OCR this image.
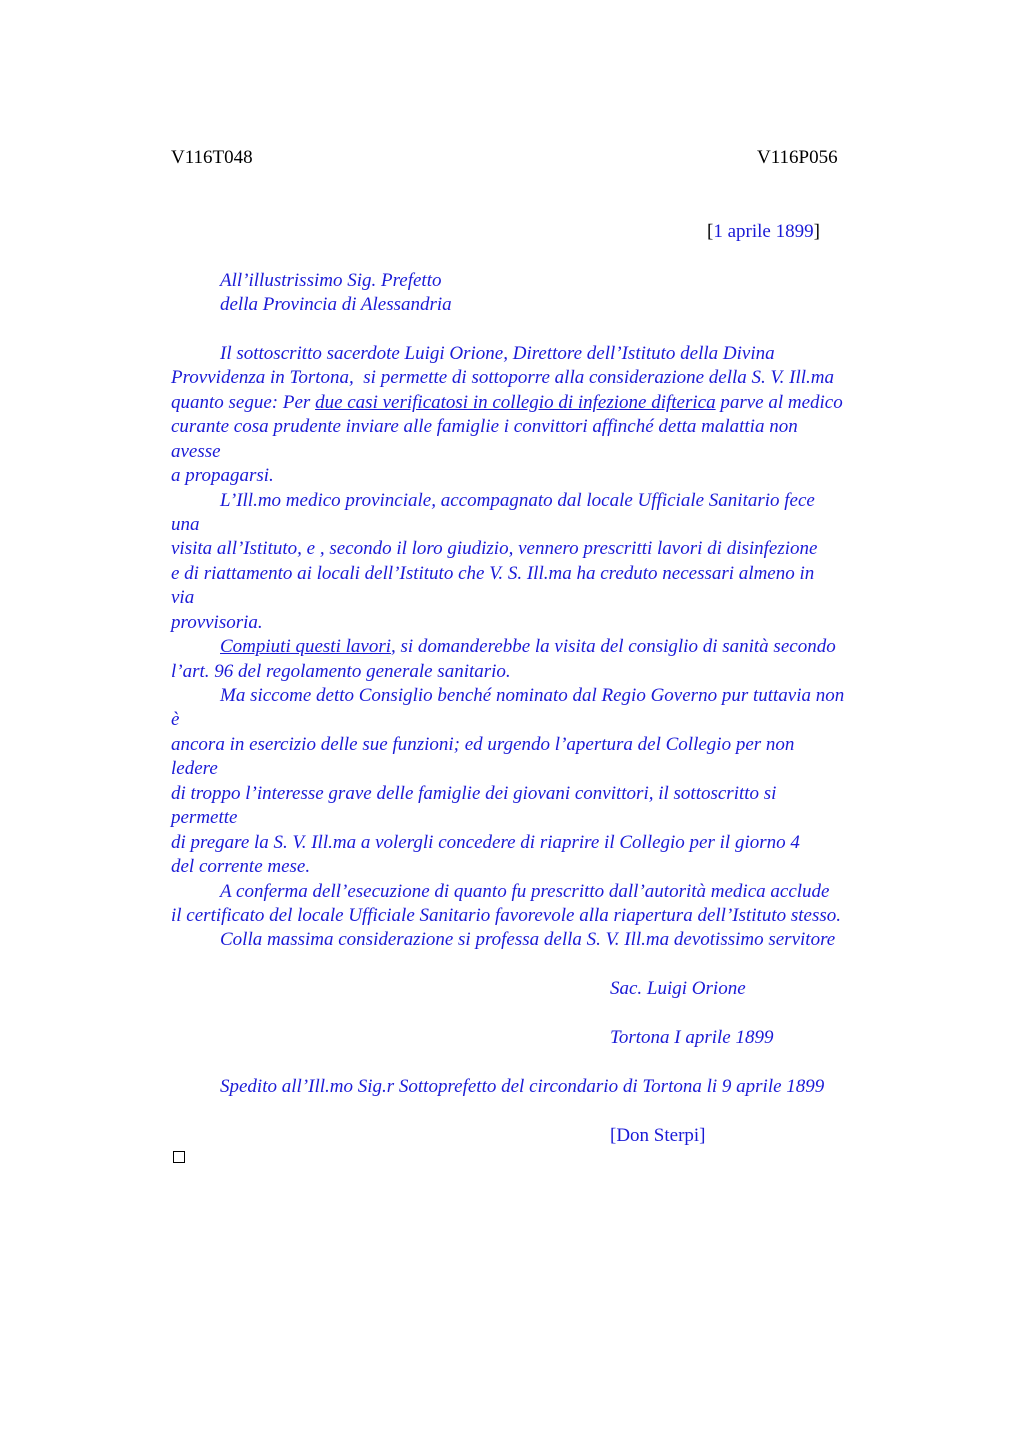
V116T048	V116P056
[1 aprile 1899]
All’illustrissimo Sig. Prefetto
della Provincia di Alessandria
Il sottoscritto sacerdote Luigi Orione, Direttore dell’Istituto della Divina
Provvidenza in Tortona,  si permette di sottoporre alla considerazione della S. V. Ill.ma
quanto segue: Per due casi verificatosi in collegio di infezione difterica parve al medico
curante cosa prudente inviare alle famiglie i convittori affinché detta malattia non
avesse
a propagarsi.
L’Ill.mo medico provinciale, accompagnato dal locale Ufficiale Sanitario fece
una
visita all’Istituto, e , secondo il loro giudizio, vennero prescritti lavori di disinfezione
e di riattamento ai locali dell’Istituto che V. S. Ill.ma ha creduto necessari almeno in
via
provvisoria.
Compiuti questi lavori, si domanderebbe la visita del consiglio di sanità secondo
l’art. 96 del regolamento generale sanitario.
Ma siccome detto Consiglio benché nominato dal Regio Governo pur tuttavia non
è
ancora in esercizio delle sue funzioni; ed urgendo l’apertura del Collegio per non
ledere
di troppo l’interesse grave delle famiglie dei giovani convittori, il sottoscritto si
permette
di pregare la S. V. Ill.ma a volergli concedere di riaprire il Collegio per il giorno 4
del corrente mese.
A conferma dell’esecuzione di quanto fu prescritto dall’autorità medica acclude
il certificato del locale Ufficiale Sanitario favorevole alla riapertura dell’Istituto stesso.
Colla massima considerazione si professa della S. V. Ill.ma devotissimo servitore
Sac. Luigi Orione
Tortona I aprile 1899
Spedito all’Ill.mo Sig.r Sottoprefetto del circondario di Tortona li 9 aprile 1899
[Don Sterpi]
